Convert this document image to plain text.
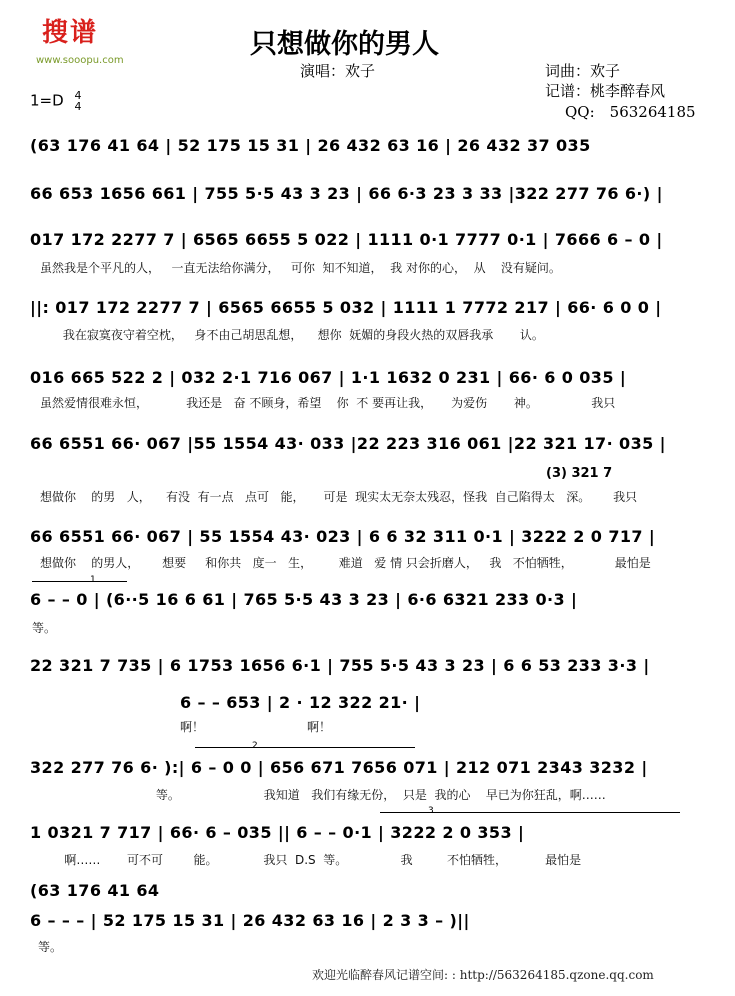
搜谱
www.sooopu.com
只想做你的男人
演唱：欢子	词曲：欢子
记谱：桃李醉春风
QQ:　563264185
1=D 4
4
(63 176 41 64 | 52 175 15 31 | 26 432 63 16 | 26 432 37 035
66 653 1656 661 | 755 5·5 43 3 23 | 66 6·3 23 3 33 |322 277 76 6·) |
017 172 2277 7 | 6565 6655 5 022 | 1111 0·1 7777 0·1 | 7666 6 – 0 |
虽然我是个平凡的人，   一直无法给你满分，   可你  知不知道，  我 对你的心，  从    没有疑问。
||: 017 172 2277 7 | 6565 6655 5 032 | 1111 1 7772 217 | 66· 6 0 0 |
我在寂寞夜守着空枕，   身不由己胡思乱想，    想你  妩媚的身段火热的双唇我承       认。
016 665 522 2 | 032 2·1 716 067 | 1·1 1632 0 231 | 66· 6 0 035 |
虽然爱情很难永恒，          我还是   奋 不顾身，希望    你  不 要再让我，     为爱伤       神。              我只
66 6551 66· 067 |55 1554 43· 033 |22 223 316 061 |22 321 17· 035 |
(3) 321 7
想做你    的男   人，    有没  有一点   点可   能，     可是  现实太无奈太残忍，怪我  自己陷得太   深。      我只
66 6551 66· 067 | 55 1554 43· 023 | 6 6 32 311 0·1 | 3222 2 0 717 |
想做你    的男人，      想要     和你共   度一   生，       难道   爱 情 只会折磨人，   我   不怕牺牲，           最怕是
1
6 – – 0 | (6··5 16 6 61 | 765 5·5 43 3 23 | 6·6 6321 233 0·3 |
等。
22 321 7 735 | 6 1753 1656 6·1 | 755 5·5 43 3 23 | 6 6 53 233 3·3 |
6 – – 653 | 2 · 12 322 21· |
啊！                           啊！
2
322 277 76 6· ):| 6 – 0 0 | 656 671 7656 071 | 212 071 2343 3232 |
等。                      我知道   我们有缘无份，  只是  我的心    早已为你狂乱，啊……
3
1 0321 7 717 | 66· 6 – 035 || 6 – – 0·1 | 3222 2 0 353 |
啊……       可不可        能。            我只  D.S  等。              我         不怕牺牲，          最怕是
(63 176 41 64
6 – – – | 52 175 15 31 | 26 432 63 16 | 2 3 3 – )||
等。
欢迎光临醉春风记谱空间: : http://563264185.qzone.qq.com
